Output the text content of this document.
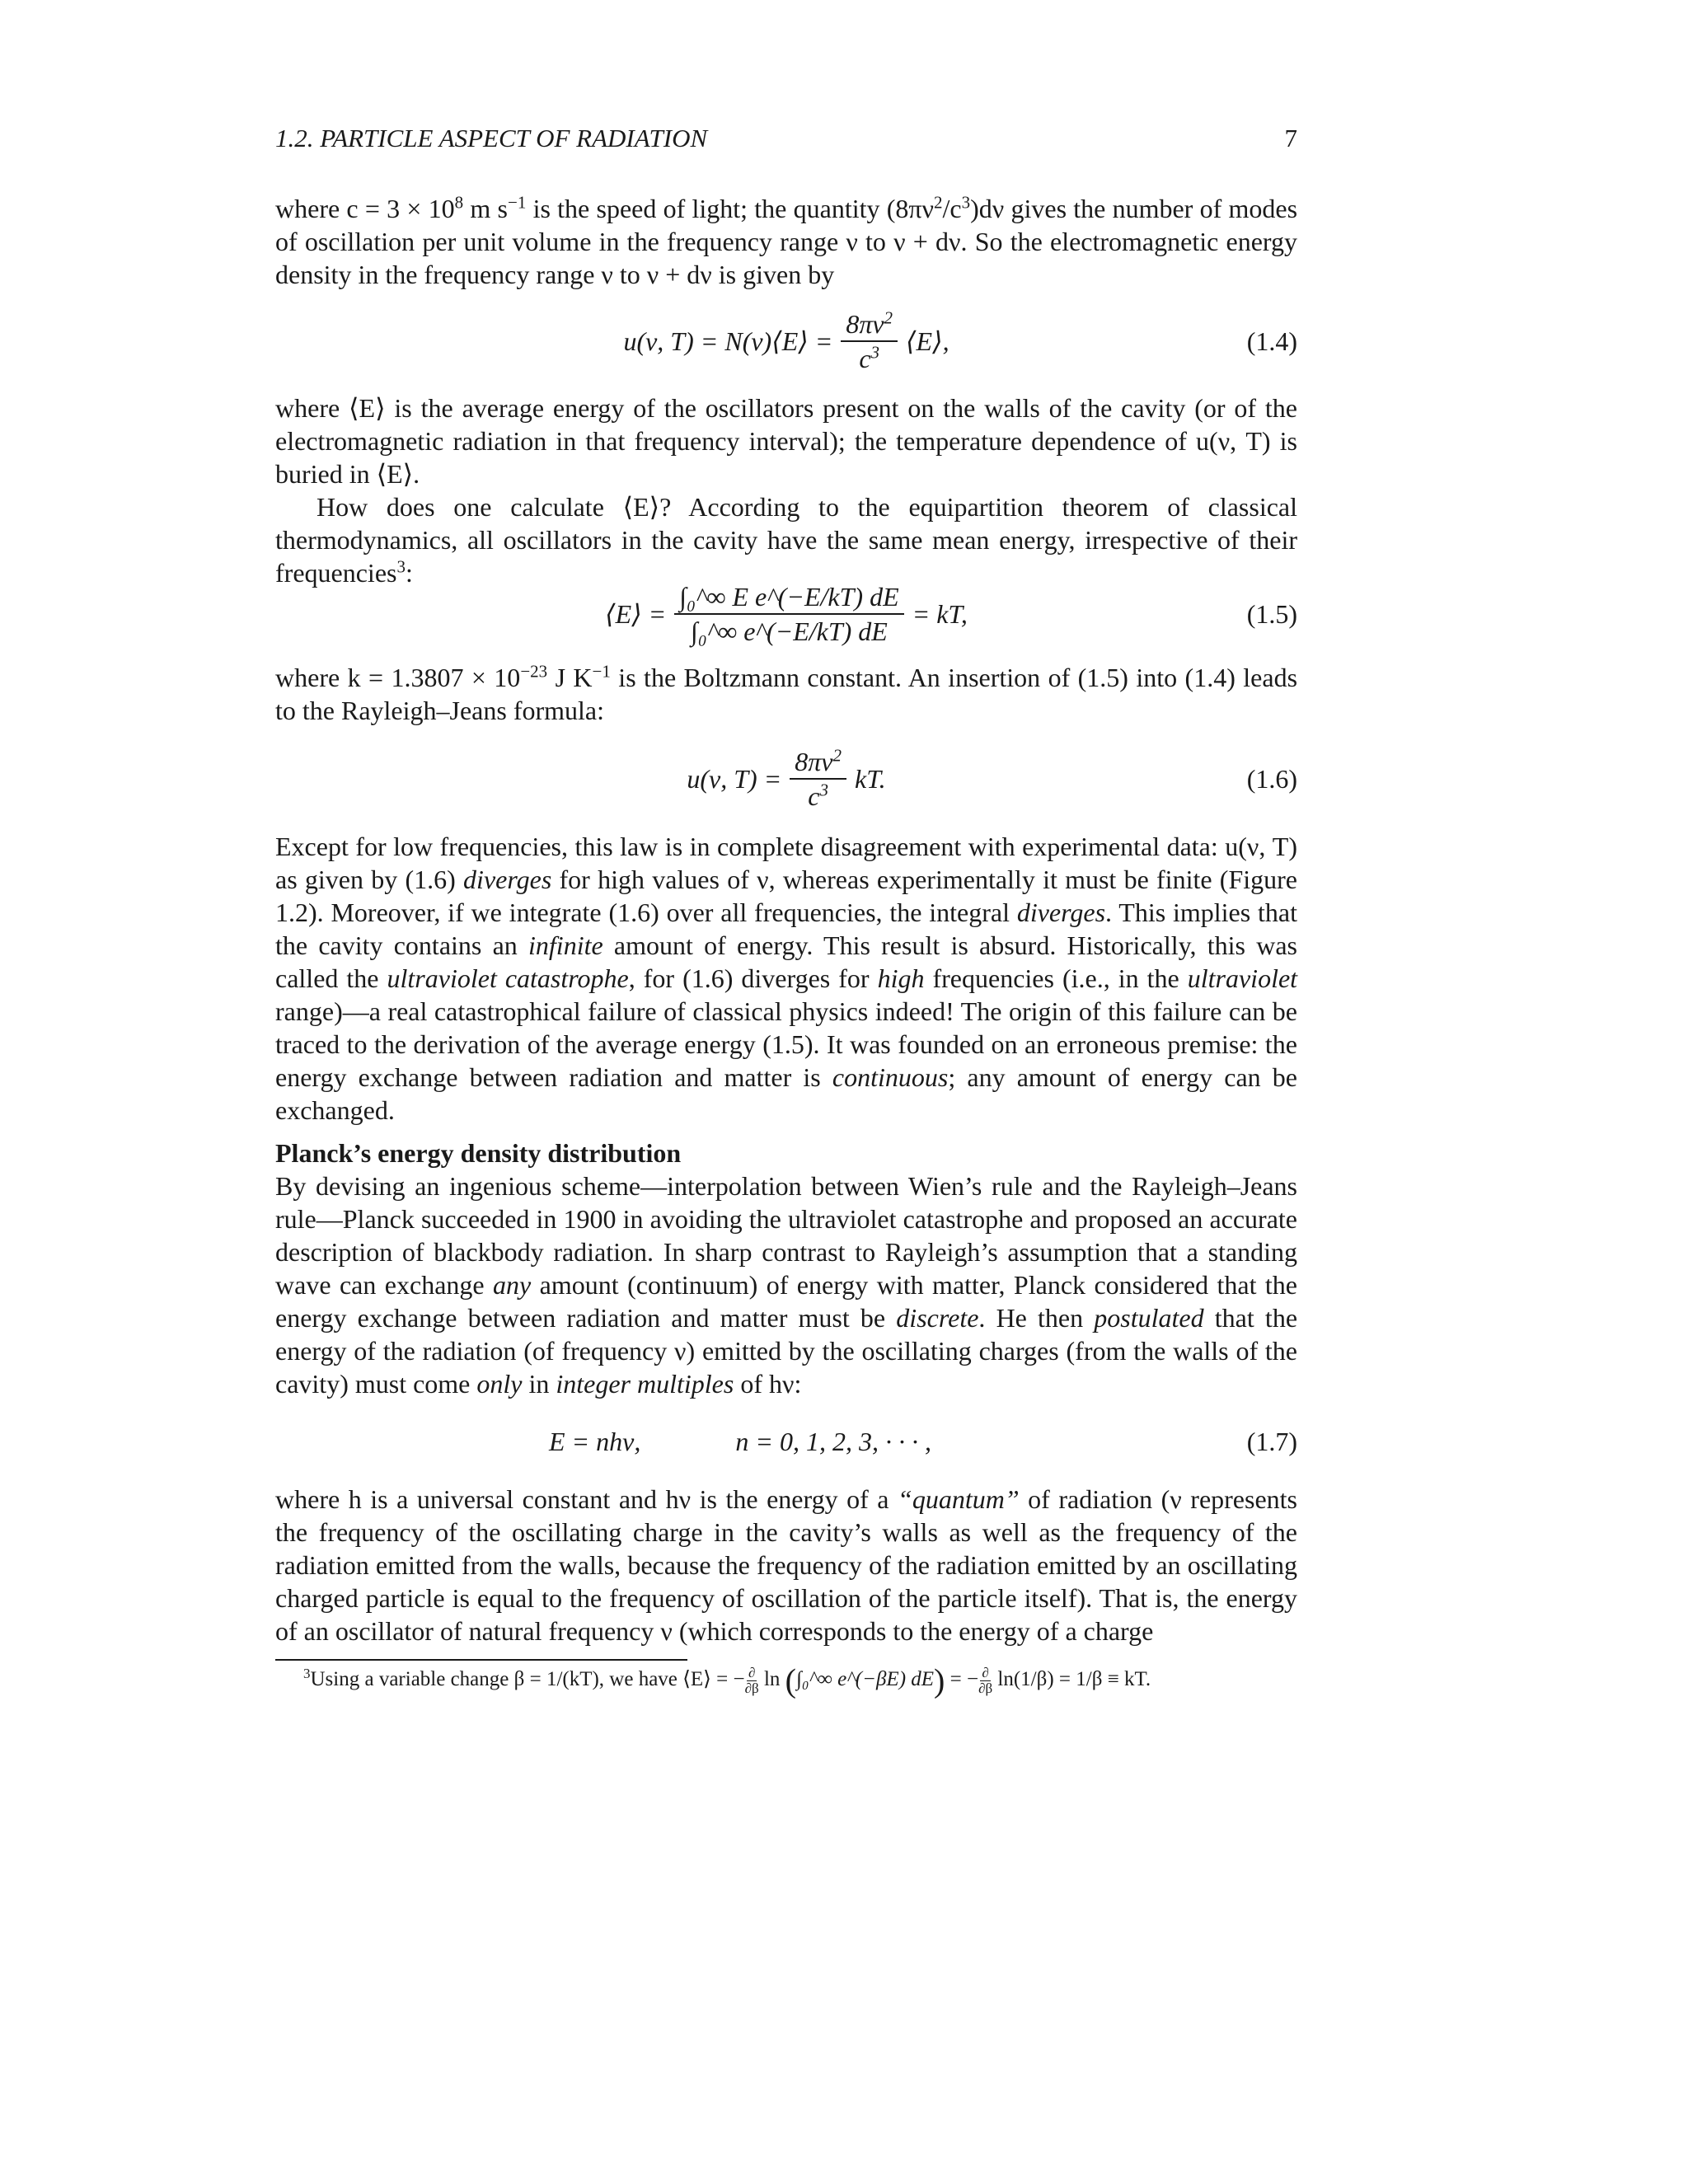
1.2. PARTICLE ASPECT OF RADIATION	7

where $c = 3 \times 10^8$ m $s^{-1}$ is the speed of light; the quantity $(8\pi\nu^2/c^3)d\nu$ gives the number of modes of oscillation per unit volume in the frequency range ν to ν + dν. So the electromagnetic energy density in the frequency range ν to ν + dν is given by

u(ν, T) = N(ν)⟨E⟩ = $\frac{8\pi\nu^2}{c^3}$ ⟨E⟩,	(1.4)

where ⟨E⟩ is the average energy of the oscillators present on the walls of the cavity (or of the electromagnetic radiation in that frequency interval); the temperature dependence of u(ν, T) is buried in ⟨E⟩.

How does one calculate ⟨E⟩? According to the equipartition theorem of classical thermodynamics, all oscillators in the cavity have the same mean energy, irrespective of their frequencies$^3$:

⟨E⟩ = $\frac{\text{∫₀\textasciicircum{}∞ E e\textasciicircum{}(−E/kT) dE}}{\text{∫₀\textasciicircum{}∞ e\textasciicircum{}(−E/kT) dE}}$ = kT,	(1.5)

where $k = 1.3807 \times 10^{-23}$ J $K^{-1}$ is the Boltzmann constant. An insertion of (1.5) into (1.4) leads to the Rayleigh–Jeans formula:

u(ν, $T) = \frac{8\pi\nu^2}{c^3}$ kT.	(1.6)

Except for low frequencies, this law is in complete disagreement with experimental data: u(ν, T) as given by (1.6) diverges for high values of ν, whereas experimentally it must be finite (Figure 1.2). Moreover, if we integrate (1.6) over all frequencies, the integral diverges. This implies that the cavity contains an infinite amount of energy. This result is absurd. Historically, this was called the ultraviolet catastrophe, for (1.6) diverges for high frequencies (i.e., in the ultraviolet range)—a real catastrophical failure of classical physics indeed! The origin of this failure can be traced to the derivation of the average energy (1.5). It was founded on an erroneous premise: the energy exchange between radiation and matter is continuous; any amount of energy can be exchanged.

Planck’s energy density distribution

By devising an ingenious scheme—interpolation between Wien’s rule and the Rayleigh–Jeans rule—Planck succeeded in 1900 in avoiding the ultraviolet catastrophe and proposed an accurate description of blackbody radiation. In sharp contrast to Rayleigh’s assumption that a standing wave can exchange any amount (continuum) of energy with matter, Planck considered that the energy exchange between radiation and matter must be discrete. He then postulated that the energy of the radiation (of frequency ν) emitted by the oscillating charges (from the walls of the cavity) must come only in integer multiples of hν:

E = nhν,	n = 0, 1, 2, 3, · · · ,	(1.7)

where h is a universal constant and hν is the energy of a “quantum” of radiation (ν represents the frequency of the oscillating charge in the cavity’s walls as well as the frequency of the radiation emitted from the walls, because the frequency of the radiation emitted by an oscillating charged particle is equal to the frequency of oscillation of the particle itself). That is, the energy of an oscillator of natural frequency ν (which corresponds to the energy of a charge

$^3$Using a variable change β = 1/(kT), we have ⟨E⟩ = − ∂
∂β ln (∫₀^∞ e^(−βE) dE) = − ∂
∂β ln(1/β) = 1/β ≡ kT.
